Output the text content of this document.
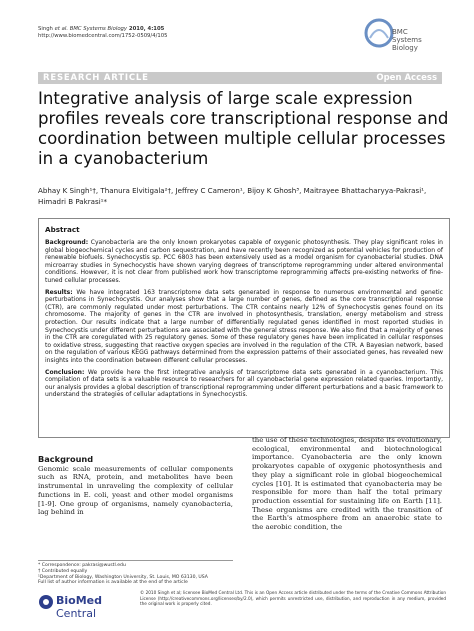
Singh et al. BMC Systems Biology 2010, 4:105
http://www.biomedcentral.com/1752-0509/4/105	BMC
Systems Biology
RESEARCH ARTICLE	Open Access
Integrative analysis of large scale expression profiles reveals core transcriptional response and coordination between multiple cellular processes in a cyanobacterium
Abhay K Singh¹†, Thanura Elvitigala²†, Jeffrey C Cameron¹, Bijoy K Ghosh³, Maitrayee Bhattacharyya-Pakrasi¹, Himadri B Pakrasi¹*
Abstract

Background: Cyanobacteria are the only known prokaryotes capable of oxygenic photosynthesis. They play significant roles in global biogeochemical cycles and carbon sequestration, and have recently been recognized as potential vehicles for production of renewable biofuels. Synechocystis sp. PCC 6803 has been extensively used as a model organism for cyanobacterial studies. DNA microarray studies in Synechocystis have shown varying degrees of transcriptome reprogramming under altered environmental conditions. However, it is not clear from published work how transcriptome reprogramming affects pre-existing networks of fine-tuned cellular processes.

Results: We have integrated 163 transcriptome data sets generated in response to numerous environmental and genetic perturbations in Synechocystis. Our analyses show that a large number of genes, defined as the core transcriptional response (CTR), are commonly regulated under most perturbations. The CTR contains nearly 12% of Synechocystis genes found on its chromosome. The majority of genes in the CTR are involved in photosynthesis, translation, energy metabolism and stress protection. Our results indicate that a large number of differentially regulated genes identified in most reported studies in Synechocystis under different perturbations are associated with the general stress response. We also find that a majority of genes in the CTR are coregulated with 25 regulatory genes. Some of these regulatory genes have been implicated in cellular responses to oxidative stress, suggesting that reactive oxygen species are involved in the regulation of the CTR. A Bayesian network, based on the regulation of various KEGG pathways determined from the expression patterns of their associated genes, has revealed new insights into the coordination between different cellular processes.

Conclusion: We provide here the first integrative analysis of transcriptome data sets generated in a cyanobacterium. This compilation of data sets is a valuable resource to researchers for all cyanobacterial gene expression related queries. Importantly, our analysis provides a global description of transcriptional reprogramming under different perturbations and a basic framework to understand the strategies of cellular adaptations in Synechocystis.

Background

Genomic scale measurements of cellular components such as RNA, protein, and metabolites have been instrumental in unraveling the complexity of cellular functions in E. coli, yeast and other model organisms [1-9]. One group of organisms, namely cyanobacteria, lag behind in

the use of these technologies, despite its evolutionary, ecological, environmental and biotechnological importance. Cyanobacteria are the only known prokaryotes capable of oxygenic photosynthesis and they play a significant role in global biogeochemical cycles [10]. It is estimated that cyanobacteria may be responsible for more than half the total primary production essential for sustaining life on Earth [11]. These organisms are credited with the transition of the Earth's atmosphere from an anaerobic state to the aerobic condition, the

* Correspondence: pakrasi@wustl.edu
† Contributed equally
¹Department of Biology, Washington University, St. Louis, MO 63130, USA
Full list of author information is available at the end of the article
BioMed Central
© 2010 Singh et al; licensee BioMed Central Ltd. This is an Open Access article distributed under the terms of the Creative Commons Attribution License (http://creativecommons.org/licenses/by/2.0), which permits unrestricted use, distribution, and reproduction in any medium, provided the original work is properly cited.
